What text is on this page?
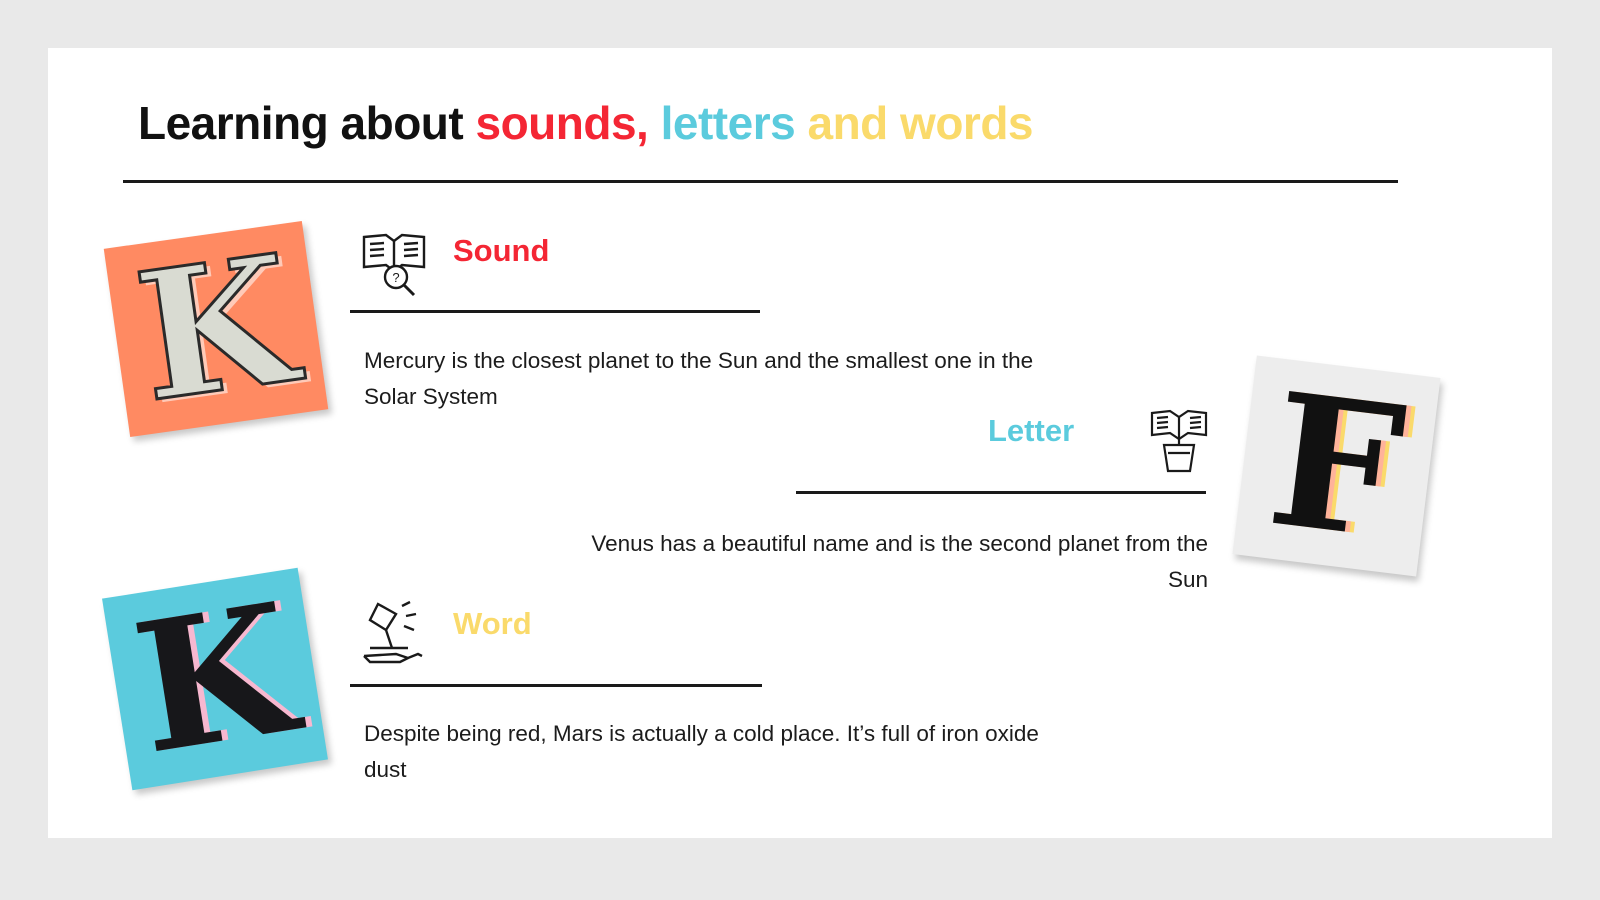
Learning about sounds, letters and words
K	?
Sound
Mercury is the closest planet to the Sun and the smallest one in the Solar System
Letter
Venus has a beautiful name and is the second planet from the Sun F
K	Word
Despite being red, Mars is actually a cold place. It’s full of iron oxide dust
